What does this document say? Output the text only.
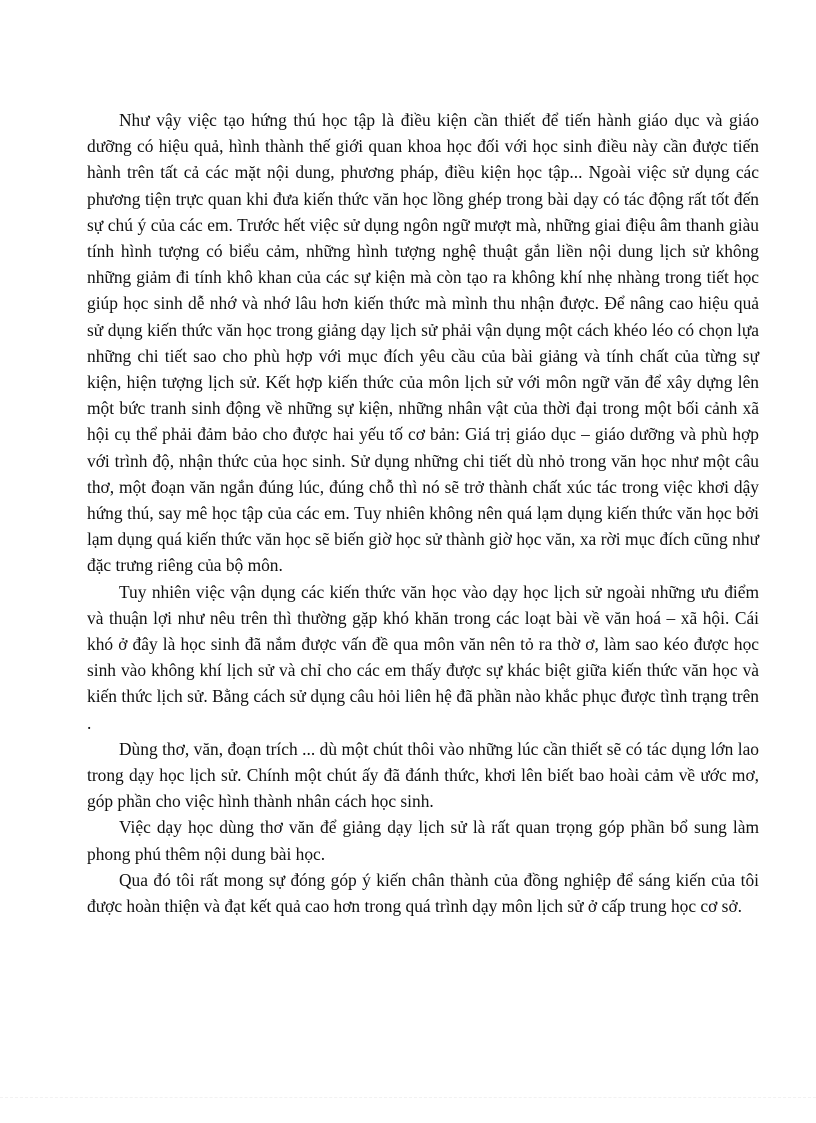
Như vậy việc tạo hứng thú học tập là điều kiện cần thiết để tiến hành giáo dục và giáo dưỡng có hiệu quả, hình thành thế giới quan khoa học đối với học sinh điều này cần được tiến hành trên tất cả các mặt nội dung, phương pháp, điều kiện học tập... Ngoài việc sử dụng các phương tiện trực quan khi đưa kiến thức văn học lồng ghép trong bài dạy có tác động rất tốt đến sự chú ý của các em. Trước hết việc sử dụng ngôn ngữ mượt mà, những giai điệu âm thanh giàu tính hình tượng có biểu cảm, những hình tượng nghệ thuật gắn liền nội dung lịch sử không những giảm đi tính khô khan của các sự kiện mà còn tạo ra không khí nhẹ nhàng trong tiết học giúp học sinh dễ nhớ và nhớ lâu hơn kiến thức mà mình thu nhận được. Để nâng cao hiệu quả sử dụng kiến thức văn học trong giảng dạy lịch sử phải vận dụng một cách khéo léo có chọn lựa những chi tiết sao cho phù hợp với mục đích yêu cầu của bài giảng và tính chất của từng sự kiện, hiện tượng lịch sử. Kết hợp kiến thức của môn lịch sử với môn ngữ văn để xây dựng lên một bức tranh sinh động về những sự kiện, những nhân vật của thời đại trong một bối cảnh xã hội cụ thể phải đảm bảo cho được hai yếu tố cơ bản: Giá trị giáo dục – giáo dưỡng và phù hợp với trình độ, nhận thức của học sinh. Sử dụng những chi tiết dù nhỏ trong văn học như một câu thơ, một đoạn văn ngắn đúng lúc, đúng chỗ thì nó sẽ trở thành chất xúc tác trong việc khơi dậy hứng thú, say mê học tập của các em. Tuy nhiên không nên quá lạm dụng kiến thức văn học bởi lạm dụng quá kiến thức văn học sẽ biến giờ học sử thành giờ học văn, xa rời mục đích cũng như đặc trưng riêng của bộ môn.

Tuy nhiên việc vận dụng các kiến thức văn học vào dạy học lịch sử ngoài những ưu điểm và thuận lợi như nêu trên thì thường gặp khó khăn trong các loạt bài về văn hoá – xã hội. Cái khó ở đây là học sinh đã nắm được vấn đề qua môn văn nên tỏ ra thờ ơ, làm sao kéo được học sinh vào không khí lịch sử và chỉ cho các em thấy được sự khác biệt giữa kiến thức văn học và kiến thức lịch sử. Bằng cách sử dụng câu hỏi liên hệ đã phần nào khắc phục được tình trạng trên .

Dùng thơ, văn, đoạn trích ... dù một chút thôi vào những lúc cần thiết sẽ có tác dụng lớn lao trong dạy học lịch sử. Chính một chút ấy đã đánh thức, khơi lên biết bao hoài cảm về ước mơ, góp phần cho việc hình thành nhân cách học sinh.

Việc dạy học dùng thơ văn để giảng dạy lịch sử là rất quan trọng góp phần bổ sung làm phong phú thêm nội dung bài học.

Qua đó tôi rất mong sự đóng góp ý kiến chân thành của đồng nghiệp để sáng kiến của tôi được hoàn thiện và đạt kết quả cao hơn trong quá trình dạy môn lịch sử ở cấp trung học cơ sở.
